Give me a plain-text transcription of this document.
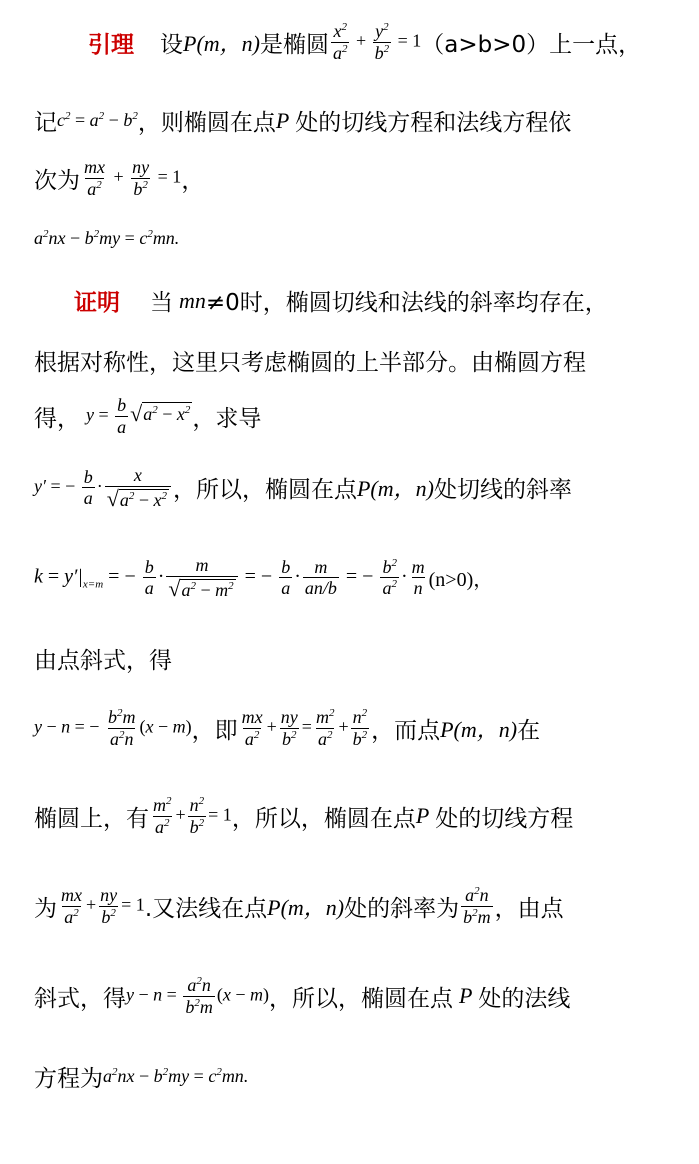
引理 设 P(m，n) 是椭圆 $\frac{x^2}{a^2} + \frac{y^2}{b^2} = 1$ （a>b>0）上一点，
记 $c^2 = a^2 - b^2$ ，则椭圆在点 P 处的切线方程和法线方程依
次为 $\frac{mx}{a^2} + \frac{ny}{b^2} = 1$ ，
$a^2nx - b^2my = c^2mn$.
证明 当 mn ≠0时，椭圆切线和法线的斜率均存在，
根据对称性，这里只考虑椭圆的上半部分。由椭圆方程
得， $y = \frac{b}{a}$ √ $a^2 - x^2$ ，求导
y′ = − $\frac{b}{a} \cdot \frac{x}{√ a^2 - x^2}$ ，所以，椭圆在点 P(m，n) 处切线的斜率
$k = y'|_{x=m}$ = − $\frac{b}{a} \cdot \frac{m}{√ a^2 - m^2}$ = − $\frac{b}{a} \cdot \frac{m}{an/b}$ = − $\frac{b^2}{a^2} \cdot \frac{m}{n} (n>0)$，
由点斜式，得
y − n = − $\frac{b^2m}{a^2n} (x - m)$ ，即 $\frac{mx}{a^2} + \frac{ny}{b^2} = \frac{m^2}{a^2} + \frac{n^2}{b^2}$ ，而点 P(m，n) 在
椭圆上，有 $\frac{m^2}{a^2} + \frac{n^2}{b^2} = 1$ ，所以，椭圆在点 P 处的切线方程
为 $\frac{mx}{a^2} + \frac{ny}{b^2} = 1$ .又法线在点 P(m，n) 处的斜率为 $\frac{a^2n}{b^2m}$ ，由点
斜式，得 $y - n = \frac{a^2n}{b^2m} (x - m)$ ，所以，椭圆在点 P 处的法线
方程为 $a^2nx - b^2my = c^2mn$ .
